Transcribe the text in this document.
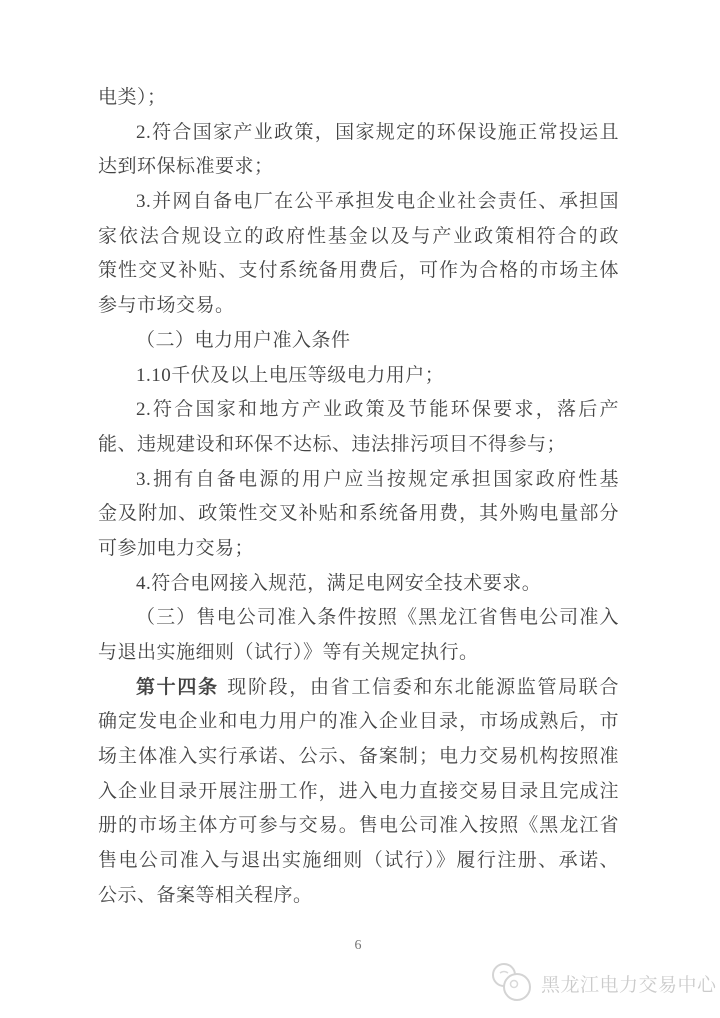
电类）；
2.符合国家产业政策，国家规定的环保设施正常投运且
达到环保标准要求；
3.并网自备电厂在公平承担发电企业社会责任、承担国
家依法合规设立的政府性基金以及与产业政策相符合的政
策性交叉补贴、支付系统备用费后，可作为合格的市场主体
参与市场交易。
（二）电力用户准入条件
1.10千伏及以上电压等级电力用户；
2.符合国家和地方产业政策及节能环保要求，落后产
能、违规建设和环保不达标、违法排污项目不得参与；
3.拥有自备电源的用户应当按规定承担国家政府性基
金及附加、政策性交叉补贴和系统备用费，其外购电量部分
可参加电力交易；
4.符合电网接入规范，满足电网安全技术要求。
（三）售电公司准入条件按照《黑龙江省售电公司准入
与退出实施细则（试行）》等有关规定执行。
第十四条 现阶段，由省工信委和东北能源监管局联合
确定发电企业和电力用户的准入企业目录，市场成熟后，市
场主体准入实行承诺、公示、备案制；电力交易机构按照准
入企业目录开展注册工作，进入电力直接交易目录且完成注
册的市场主体方可参与交易。售电公司准入按照《黑龙江省
售电公司准入与退出实施细则（试行）》履行注册、承诺、
公示、备案等相关程序。
6
黑龙江电力交易中心
